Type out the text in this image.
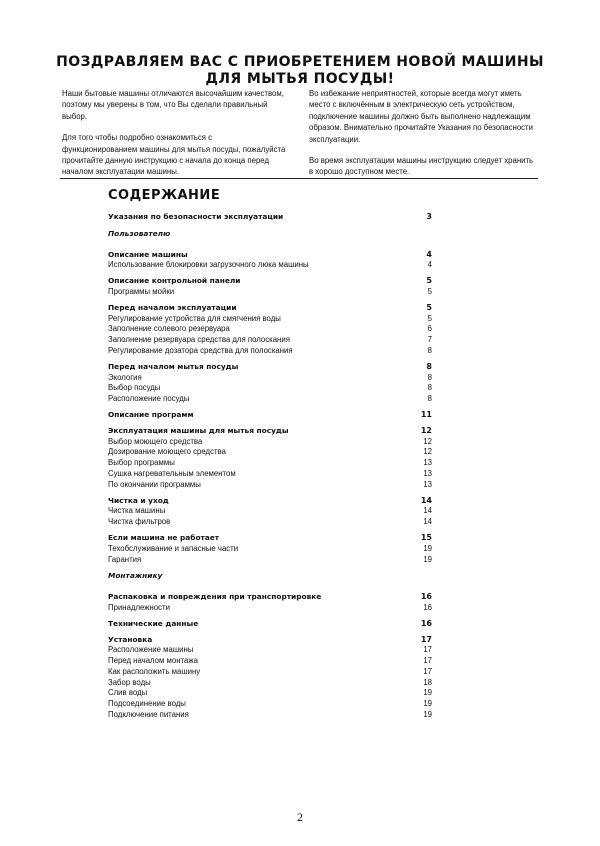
ПОЗДРАВЛЯЕМ ВАС С ПРИОБРЕТЕНИЕМ НОВОЙ МАШИНЫ
ДЛЯ МЫТЬЯ ПОСУДЫ!

Наши бытовые машины отличаются высочайшим качеством, поэтому мы уверены в том, что Вы сделали правильный выбор.

Для того чтобы подробно ознакомиться с функционированием машины для мытья посуды, пожалуйста прочитайте данную инструкцию с начала до конца перед началом эксплуатации машины.

Во избежание неприятностей, которые всегда могут иметь место с включённым в электрическую сеть устройством, подключение машины должно быть выполнено надлежащим образом. Внимательно прочитайте Указания по безопасности эксплуатации.

Во время эксплуатации машины инструкцию следует хранить в хорошо доступном месте.

СОДЕРЖАНИЕ
Указания по безопасности эксплуатации	3
Пользователю
Описание машины	4
Использование блокировки загрузочного люка машины	4
Описание контрольной панели	5
Программы мойки	5
Перед началом эксплуатации	5
Регулирование устройства для смягчения воды	5
Заполнение солевого резервуара	6
Заполнение резервуара средства для полоскания	7
Регулирование дозатора средства для полоскания	8
Перед началом мытья посуды	8
Экология	8
Выбор посуды	8
Расположение посуды	8
Описание программ	11
Эксплуатация машины для мытья посуды	12
Выбор моющего средства	12
Дозирование моющего средства	12
Выбор программы	13
Сушка нагревательным элементом	13
По окончании программы	13
Чистка и уход	14
Чистка машины	14
Чистка фильтров	14
Если машина не работает	15
Техобслуживание и запасные части	19
Гарантия	19
Монтажнику
Распаковка и повреждения при транспортировке	16
Принадлежности	16
Технические данные	16
Установка	17
Расположение машины	17
Перед началом монтажа	17
Как расположить машину	17
Забор воды	18
Слив воды	19
Подсоединение воды	19
Подключение питания	19
2
